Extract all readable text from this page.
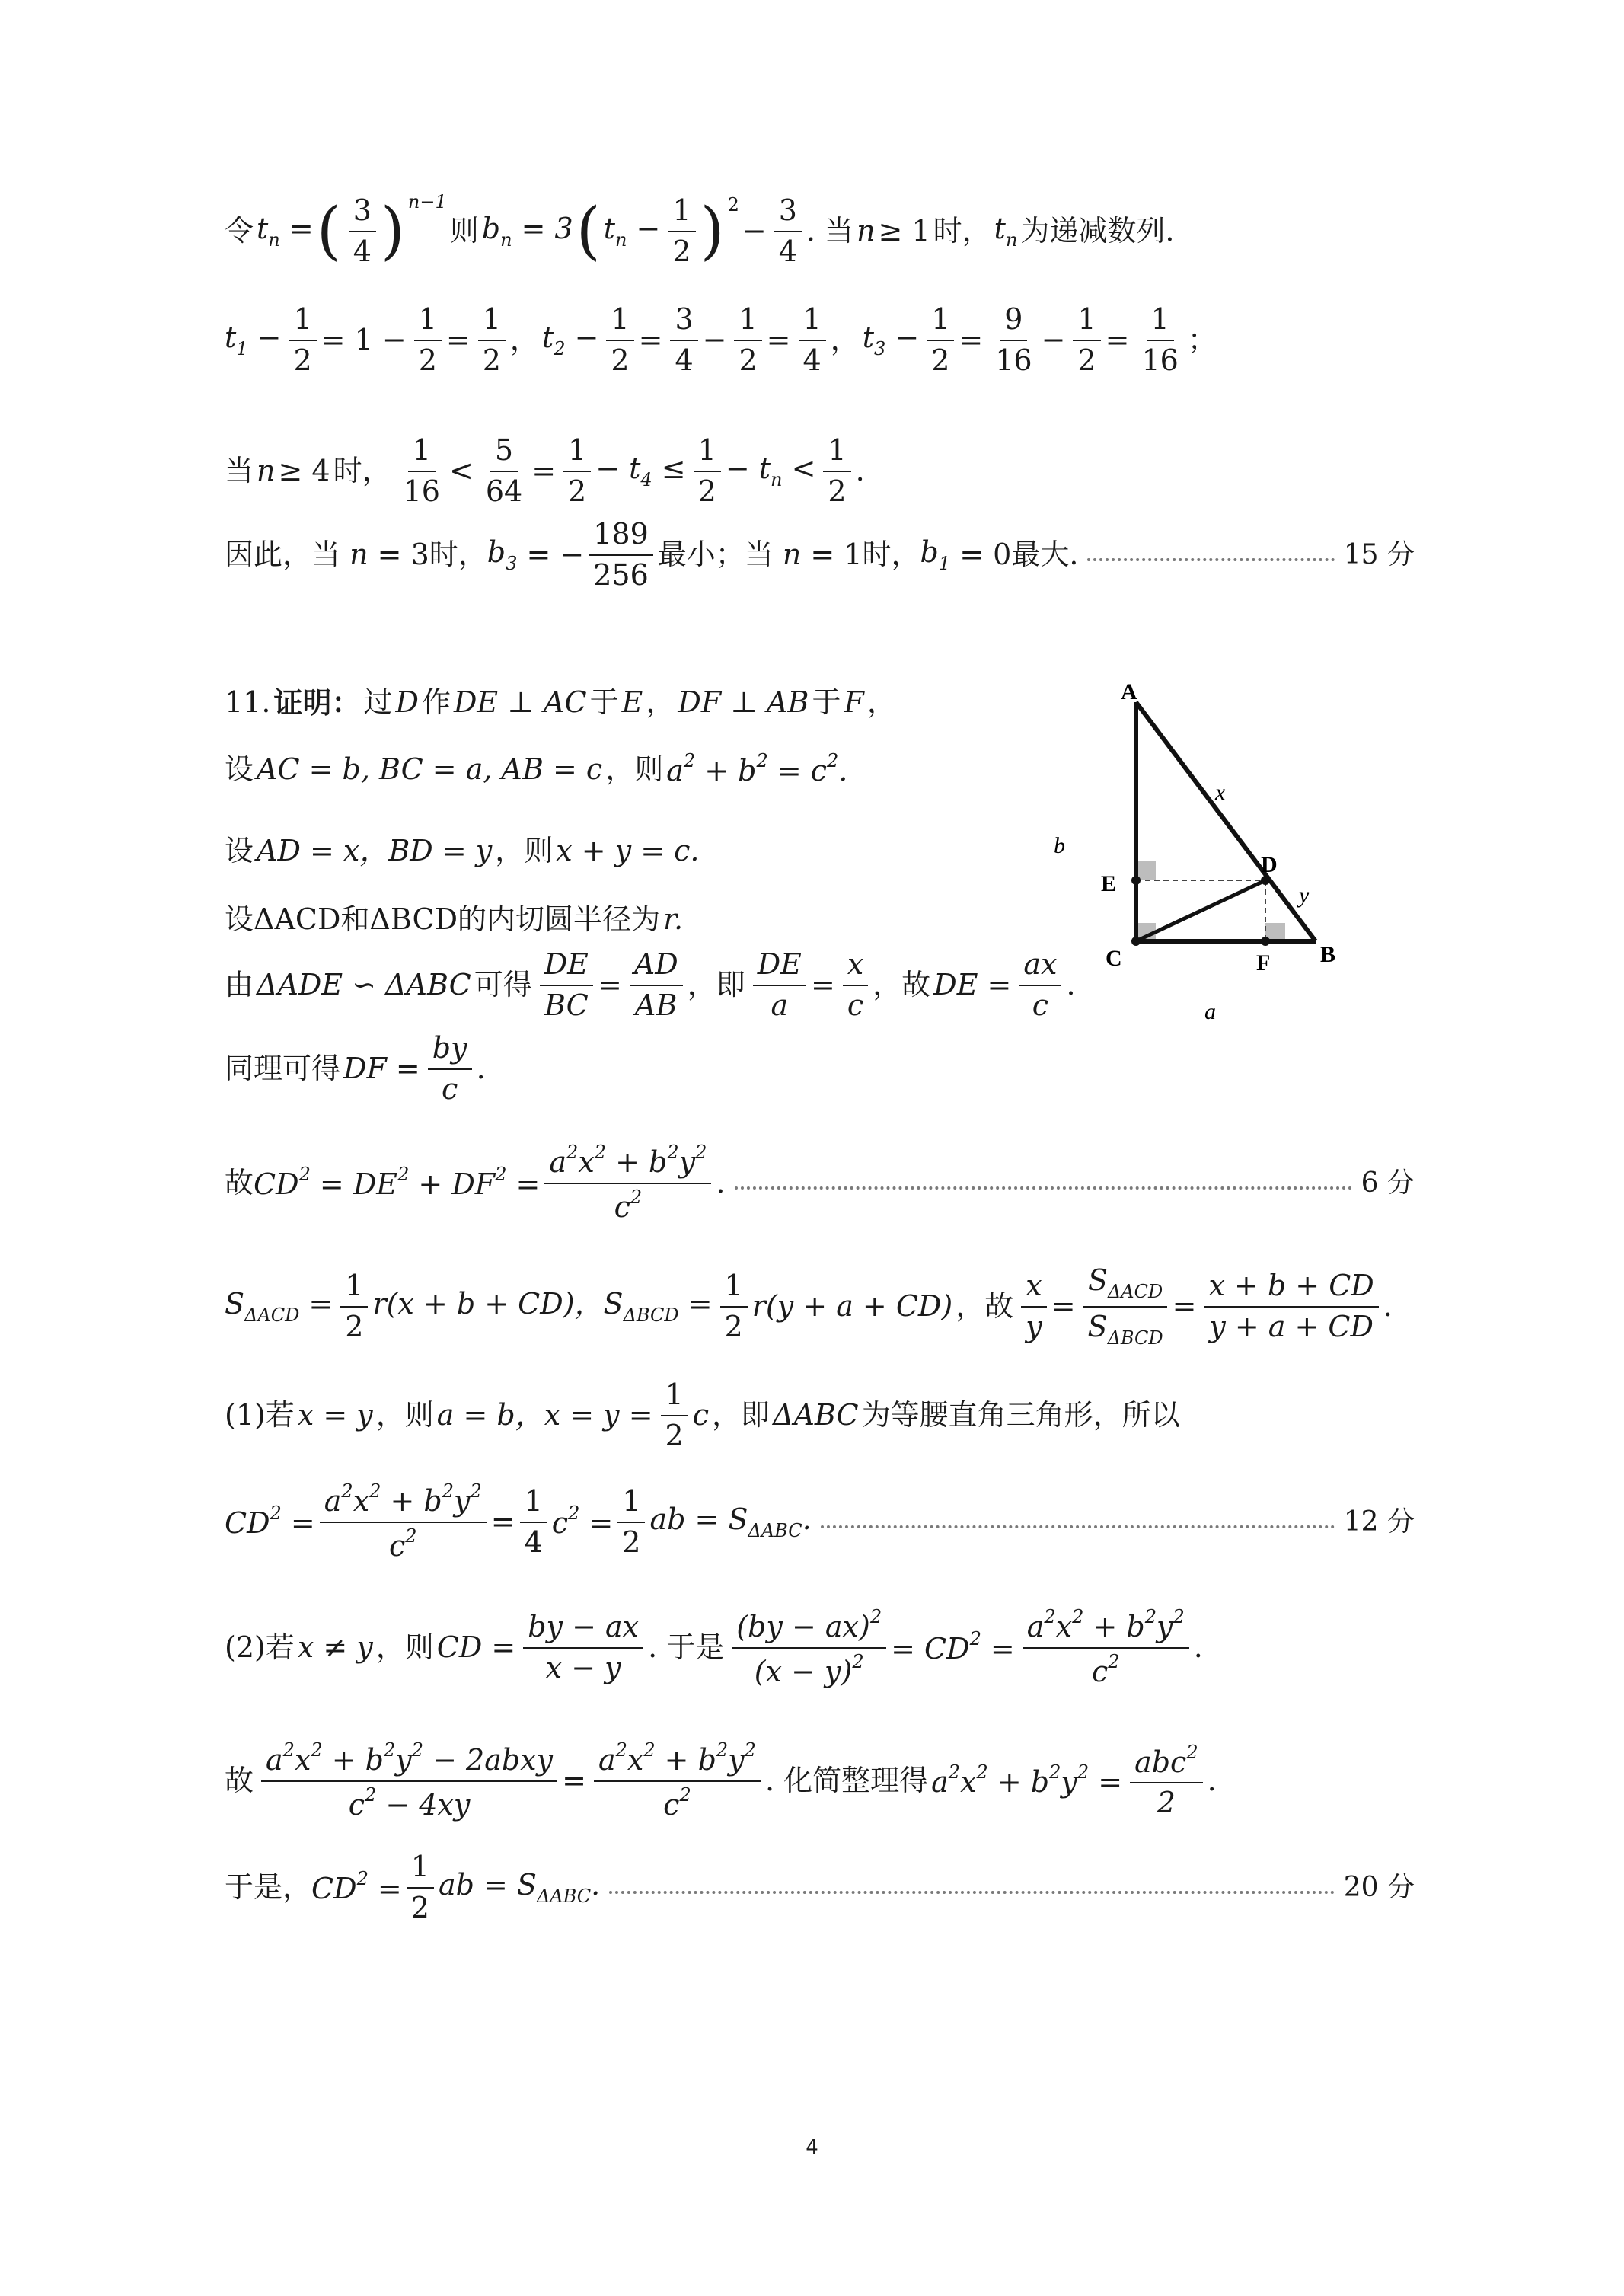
令 $t_n$ = ( $\frac{3}{4}$ ) n−1
则 $b_n = 3$ ( $t_n - \frac{1}{2}$ ) 2
− $\frac{3}{4}$ . 当 n ≥ 1 时， $t_n$ 为递减数列.
$t_1 - \frac{1}{2} = 1 - \frac{1}{2} = \frac{1}{2}$ ， $t_2 - \frac{1}{2} = \frac{3}{4} - \frac{1}{2} = \frac{1}{4}$ ， $t_3 - \frac{1}{2} = \frac{9}{16} - \frac{1}{2} = \frac{1}{16}$ ；
当 n ≥ 4 时， $\frac{1}{16} < \frac{5}{64} = \frac{1}{2} - t_4 \le \frac{1}{2} - t_n < \frac{1}{2}$ .
因此，当 n = 3 时， $b_3$ = − $\frac{189}{256}$ 最小；当 n = 1 时， $b_1 = 0$ 最大.	15 分
11. 证明： 过 D 作 DE ⊥ AC 于 E ， DF ⊥ AB 于 F ，
设 AC = b, BC = a, AB = c ，则 $a^2 + b^2 = c^2$.
设 AD = x，BD = y ，则 x + y = c.
设ΔACD和ΔBCD的内切圆半径为 r.
由 ΔADE ∽ ΔABC 可得 $\frac{DE}{BC} = \frac{AD}{AB}$ ，即 $\frac{DE}{a} = \frac{x}{c}$ ，故 DE = $\frac{ax}{c}$ .
同理可得 DF = $\frac{by}{c}$ .
故 $CD^2 = DE^2 + DF^2 = \frac{a^2x^2 + b^2y^2}{c^2}$ .	6 分
$S_{\Delta ACD} = \frac{1}{2} r(x + b + CD)$，$S_{\Delta BCD} = \frac{1}{2} r(y + a + CD)$ ，故 $\frac{x}{y} = \frac{S_{\Delta ACD}}{S_{\Delta BCD}} = \frac{x + b + CD}{y + a + CD}$ .
(1)若 x = y ，则 a = b，$x = y = \frac{1}{2}$ c ，即 ΔABC 为等腰直角三角形，所以
$CD^2 = \frac{a^2x^2 + b^2y^2}{c^2} = \frac{1}{4} c^2 = \frac{1}{2}$ ab = $S_{\Delta ABC}$.	12 分
(2)若 x ≠ y ，则 CD = $\frac{by - ax}{x - y}$ . 于是 $\frac{(by - ax)^2}{(x - y)^2} = CD^2 = \frac{a^2x^2 + b^2y^2}{c^2}$ .
故 $\frac{a^2x^2 + b^2y^2 - 2abxy}{c^2 - 4xy} = \frac{a^2x^2 + b^2y^2}{c^2}$ . 化简整理得 $a^2x^2 + b^2y^2 = \frac{abc^2}{2}$ .
于是， $CD^2 = \frac{1}{2}$ ab = $S_{\Delta ABC}$.	20 分
A
D
E
C	F B
x
y
a
b
4
